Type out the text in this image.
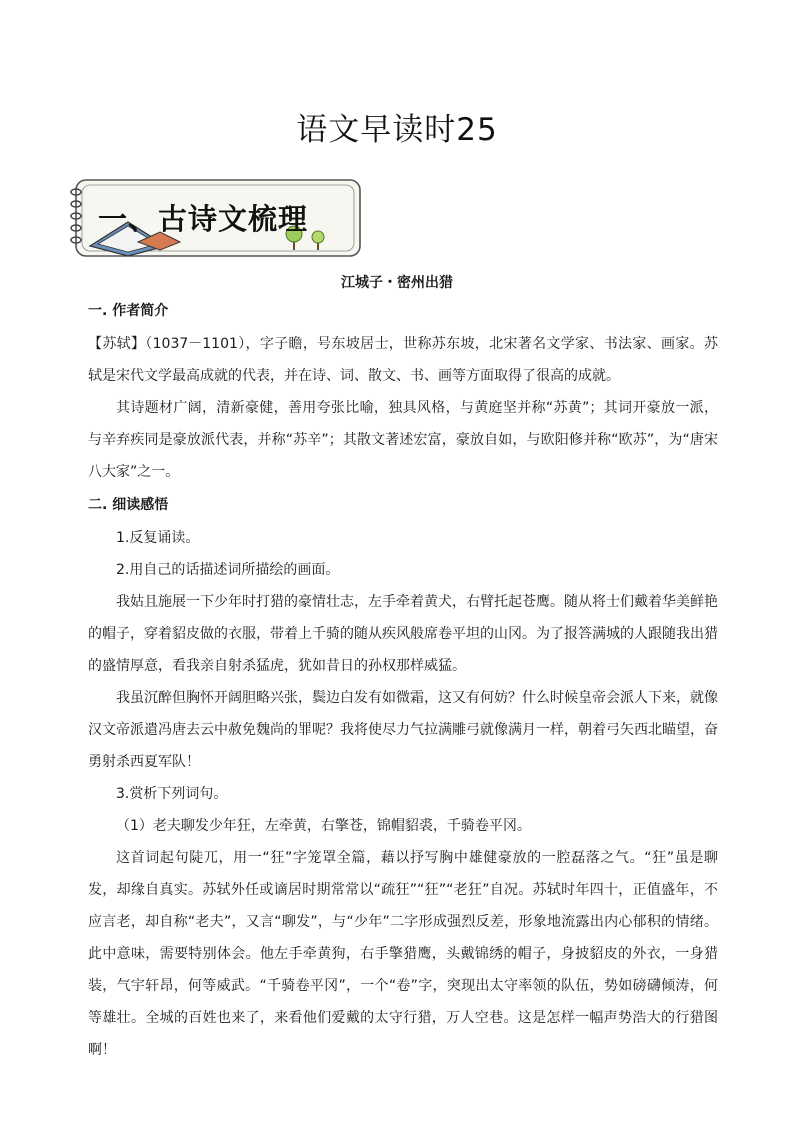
语文早读时25
一、古诗文梳理
江城子・密州出猎
一. 作者简介

【苏轼】（1037－1101），字子瞻，号东坡居士，世称苏东坡，北宋著名文学家、书法家、画家。苏轼是宋代文学最高成就的代表，并在诗、词、散文、书、画等方面取得了很高的成就。

其诗题材广阔，清新豪健，善用夸张比喻，独具风格，与黄庭坚并称“苏黄”；其词开豪放一派，与辛弃疾同是豪放派代表，并称“苏辛”；其散文著述宏富，豪放自如，与欧阳修并称“欧苏”，为“唐宋八大家”之一。

二. 细读感悟
1.反复诵读。
2.用自己的话描述词所描绘的画面。

我姑且施展一下少年时打猎的豪情壮志，左手牵着黄犬，右臂托起苍鹰。随从将士们戴着华美鲜艳的帽子，穿着貂皮做的衣服，带着上千骑的随从疾风般席卷平坦的山冈。为了报答满城的人跟随我出猎的盛情厚意，看我亲自射杀猛虎，犹如昔日的孙权那样威猛。

我虽沉醉但胸怀开阔胆略兴张，鬓边白发有如微霜，这又有何妨？什么时候皇帝会派人下来，就像汉文帝派遣冯唐去云中赦免魏尚的罪呢？我将使尽力气拉满雕弓就像满月一样，朝着弓矢西北瞄望，奋勇射杀西夏军队！

3.赏析下列词句。
（1）老夫聊发少年狂，左牵黄，右擎苍，锦帽貂裘，千骑卷平冈。

这首词起句陡兀，用一“狂”字笼罩全篇，藉以抒写胸中雄健豪放的一腔磊落之气。“狂”虽是聊发，却缘自真实。苏轼外任或谪居时期常常以“疏狂”“狂”“老狂”自况。苏轼时年四十，正值盛年，不应言老，却自称“老夫”，又言“聊发”，与“少年”二字形成强烈反差，形象地流露出内心郁积的情绪。此中意味，需要特别体会。他左手牵黄狗，右手擎猎鹰，头戴锦绣的帽子，身披貂皮的外衣，一身猎装，气宇轩昂，何等威武。“千骑卷平冈”，一个“卷”字，突现出太守率领的队伍，势如磅礴倾涛，何等雄壮。全城的百姓也来了，来看他们爱戴的太守行猎，万人空巷。这是怎样一幅声势浩大的行猎图啊！
